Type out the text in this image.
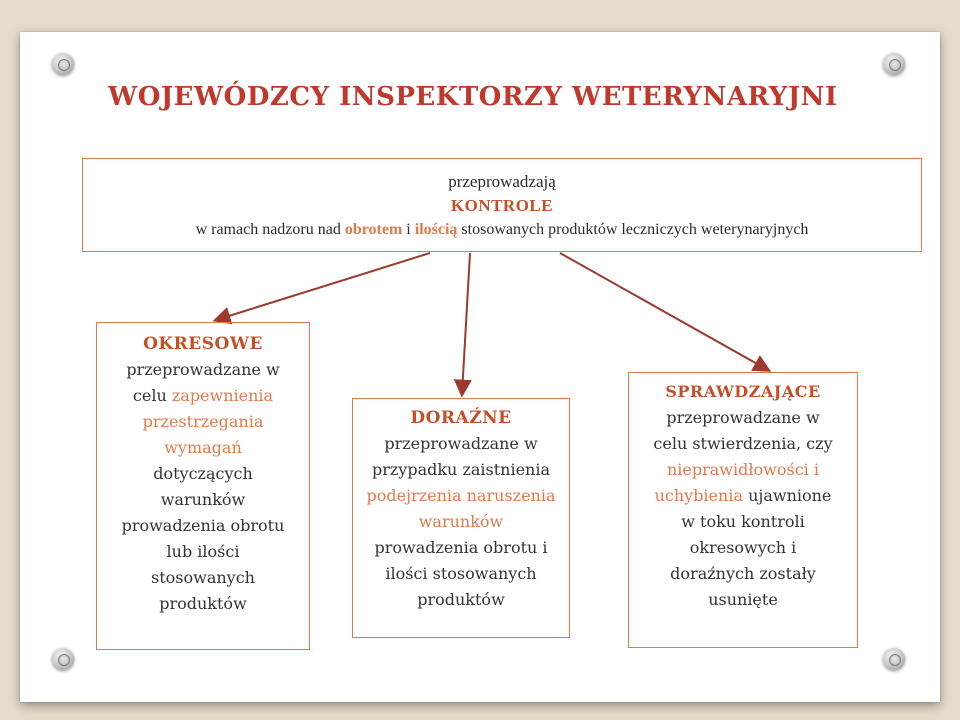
WOJEWÓDZCY INSPEKTORZY WETERYNARYJNI
przeprowadzają
KONTROLE
w ramach nadzoru nad obrotem i ilością stosowanych produktów leczniczych weterynaryjnych
OKRESOWE
przeprowadzane w
celu zapewnienia
przestrzegania
wymagań
dotyczących
warunków
prowadzenia obrotu
lub ilości
stosowanych
produktów
DORAŹNE
przeprowadzane w
przypadku zaistnienia
podejrzenia naruszenia
warunków
prowadzenia obrotu i
ilości stosowanych
produktów
SPRAWDZAJĄCE
przeprowadzane w
celu stwierdzenia, czy
nieprawidłowości i
uchybienia ujawnione
w toku kontroli
okresowych i
doraźnych zostały
usunięte
